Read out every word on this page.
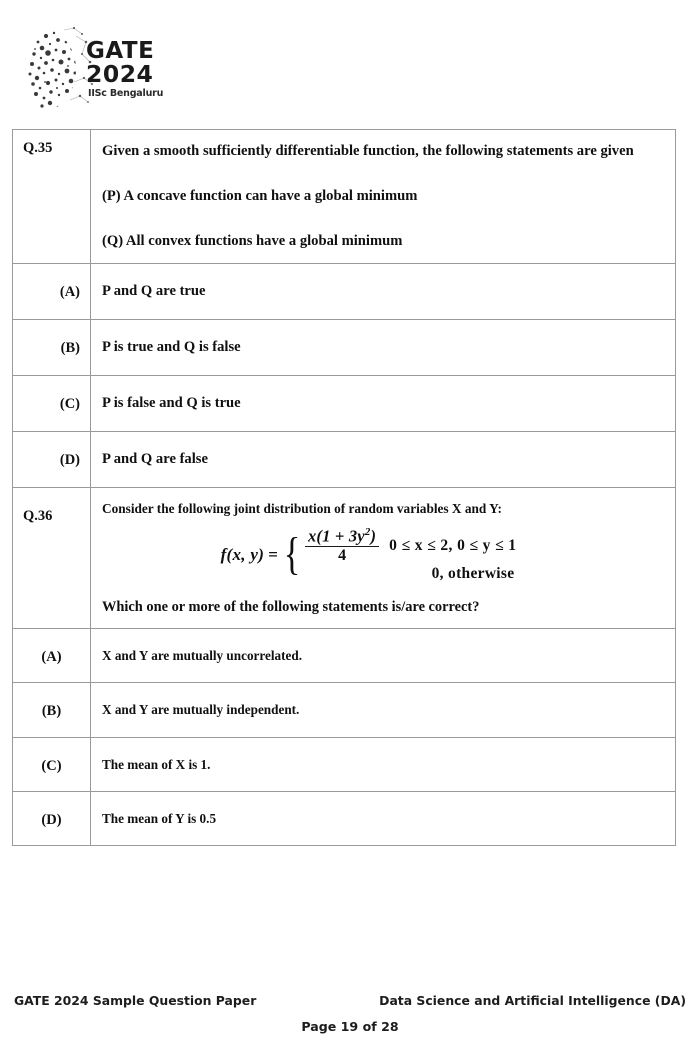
GATE
2024
IISc Bengaluru
Q.35	Given a smooth sufficiently differentiable function, the following statements are given

(P) A concave function can have a global minimum

(Q) All convex functions have a global minimum

(A)	P and Q are true

(B)	P is true and Q is false

(C)	P is false and Q is true

(D)	P and Q are false

Q.36	Consider the following joint distribution of random variables X and Y:

f(x, y) = { $\frac{x(1 + 3y^2)}{4} 0 \le x \le 2$, 0 ≤ y ≤ 1
0, otherwise

Which one or more of the following statements is/are correct?

(A)	X and Y are mutually uncorrelated.

(B)	X and Y are mutually independent.

(C)	The mean of X is 1.

(D)	The mean of Y is 0.5
GATE 2024 Sample Question Paper	Data Science and Artificial Intelligence (DA)
Page 19 of 28
